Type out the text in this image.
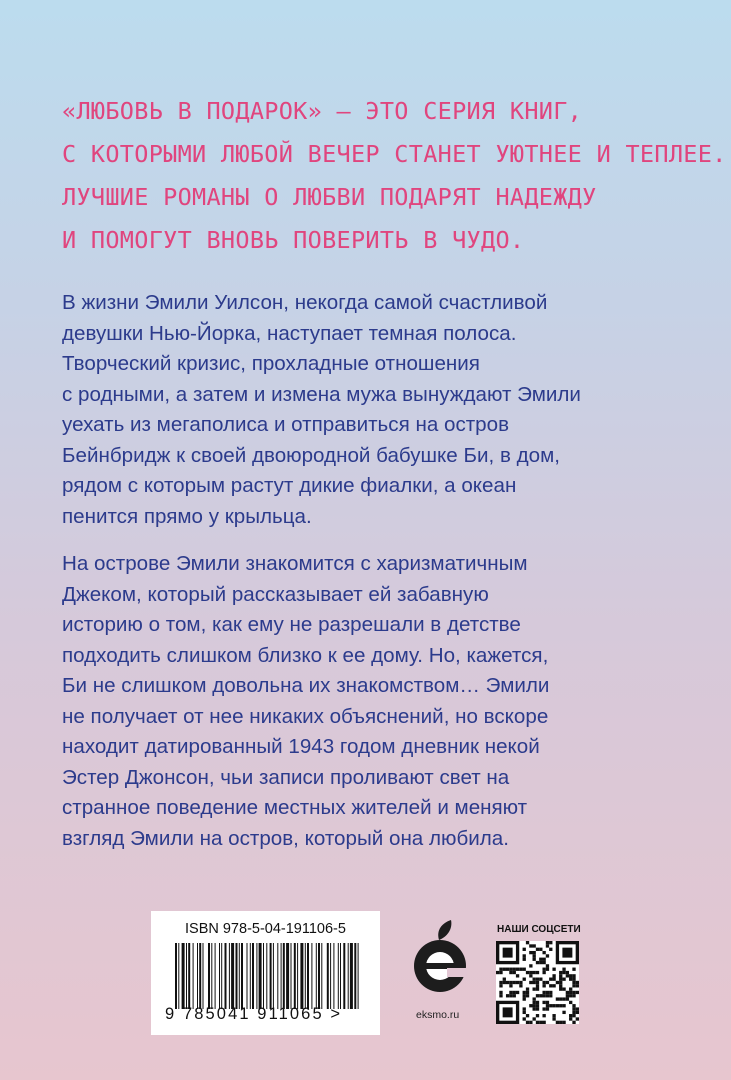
«ЛЮБОВЬ В ПОДАРОК» – ЭТО СЕРИЯ КНИГ,
С КОТОРЫМИ ЛЮБОЙ ВЕЧЕР СТАНЕТ УЮТНЕЕ И ТЕПЛЕЕ.
ЛУЧШИЕ РОМАНЫ О ЛЮБВИ ПОДАРЯТ НАДЕЖДУ
И ПОМОГУТ ВНОВЬ ПОВЕРИТЬ В ЧУДО.
В жизни Эмили Уилсон, некогда самой счастливой
девушки Нью-Йорка, наступает темная полоса.
Творческий кризис, прохладные отношения
с родными, а затем и измена мужа вынуждают Эмили
уехать из мегаполиса и отправиться на остров
Бейнбридж к своей двоюродной бабушке Би, в дом,
рядом с которым растут дикие фиалки, а океан
пенится прямо у крыльца.
На острове Эмили знакомится с харизматичным
Джеком, который рассказывает ей забавную
историю о том, как ему не разрешали в детстве
подходить слишком близко к ее дому. Но, кажется,
Би не слишком довольна их знакомством… Эмили
не получает от нее никаких объяснений, но вскоре
находит датированный 1943 годом дневник некой
Эстер Джонсон, чьи записи проливают свет на
странное поведение местных жителей и меняют
взгляд Эмили на остров, который она любила.
ISBN 978-5-04-191106-5
9 785041 911065 >	eksmo.ru
НАШИ СОЦСЕТИ
